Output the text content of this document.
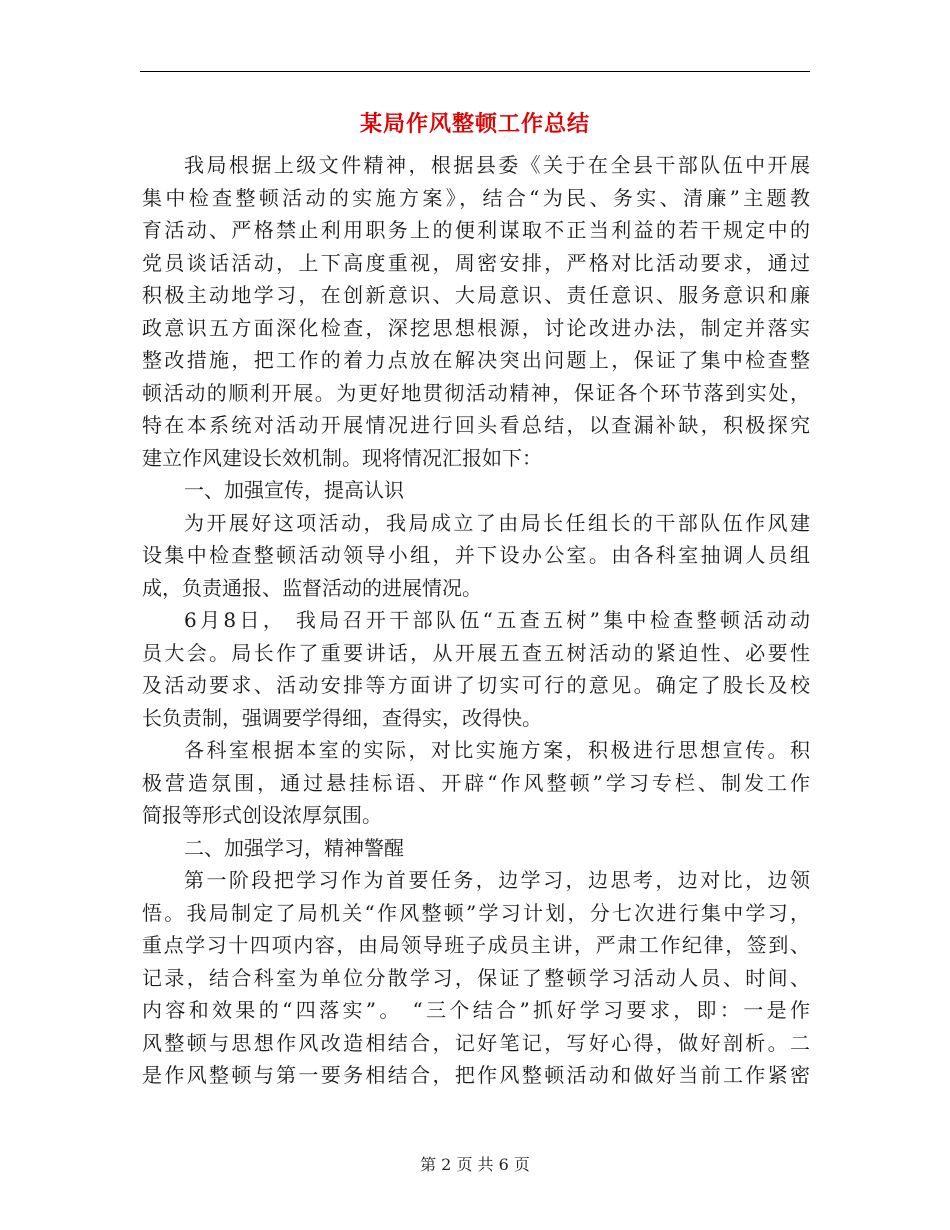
某局作风整顿工作总结
我局根据上级文件精神，根据县委《关于在全县干部队伍中开展
集中检查整顿活动的实施方案》，结合“为民、务实、清廉”主题教
育活动、严格禁止利用职务上的便利谋取不正当利益的若干规定中的
党员谈话活动，上下高度重视，周密安排，严格对比活动要求，通过
积极主动地学习，在创新意识、大局意识、责任意识、服务意识和廉
政意识五方面深化检查，深挖思想根源，讨论改进办法，制定并落实
整改措施，把工作的着力点放在解决突出问题上，保证了集中检查整
顿活动的顺利开展。为更好地贯彻活动精神，保证各个环节落到实处，
特在本系统对活动开展情况进行回头看总结，以查漏补缺，积极探究
建立作风建设长效机制。现将情况汇报如下：
一、加强宣传，提高认识
为开展好这项活动，我局成立了由局长任组长的干部队伍作风建
设集中检查整顿活动领导小组，并下设办公室。由各科室抽调人员组
成，负责通报、监督活动的进展情况。
6月8日， 我局召开干部队伍“五查五树”集中检查整顿活动动
员大会。局长作了重要讲话，从开展五查五树活动的紧迫性、必要性
及活动要求、活动安排等方面讲了切实可行的意见。确定了股长及校
长负责制，强调要学得细，查得实，改得快。
各科室根据本室的实际，对比实施方案，积极进行思想宣传。积
极营造氛围，通过悬挂标语、开辟“作风整顿”学习专栏、制发工作
简报等形式创设浓厚氛围。
二、加强学习，精神警醒
第一阶段把学习作为首要任务，边学习，边思考，边对比，边领
悟。我局制定了局机关“作风整顿”学习计划，分七次进行集中学习，
重点学习十四项内容，由局领导班子成员主讲，严肃工作纪律，签到、
记录，结合科室为单位分散学习，保证了整顿学习活动人员、时间、
内容和效果的“四落实”。 “三个结合”抓好学习要求，即：一是作
风整顿与思想作风改造相结合，记好笔记，写好心得，做好剖析。二
是作风整顿与第一要务相结合，把作风整顿活动和做好当前工作紧密
第 2 页 共 6 页
